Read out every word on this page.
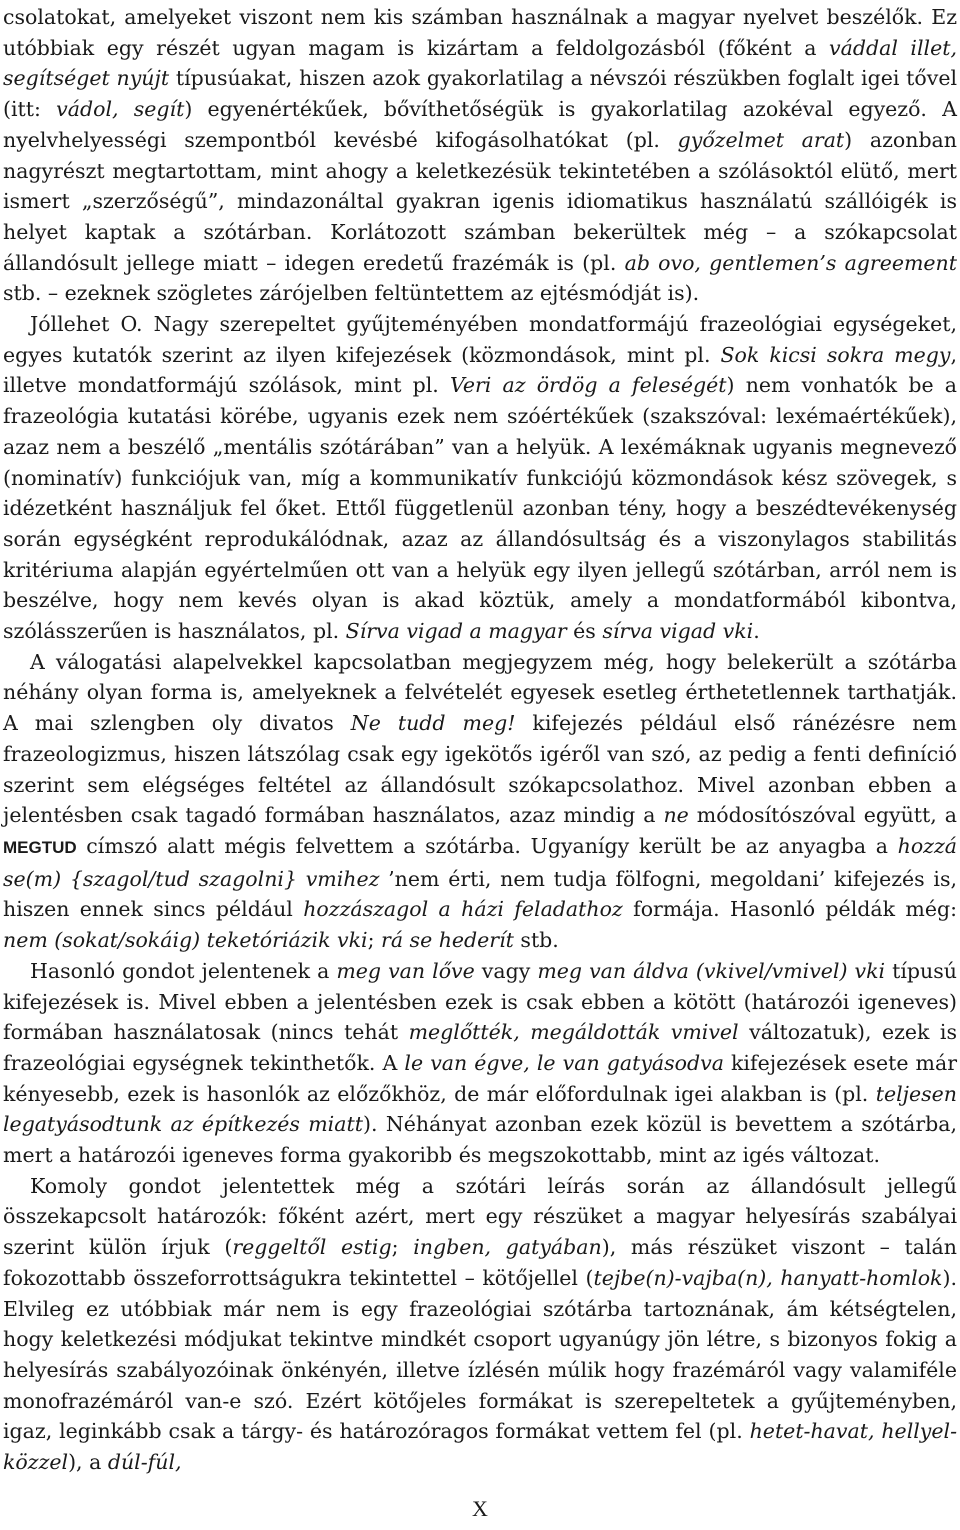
csolatokat, amelyeket viszont nem kis számban használnak a magyar nyelvet beszélők. Ez utóbbiak egy részét ugyan magam is kizártam a feldolgozásból (főként a váddal illet, segítséget nyújt típusúakat, hiszen azok gyakorlatilag a névszói részükben foglalt igei tővel (itt: vádol, segít) egyenértékűek, bővíthetőségük is gyakorlatilag azokéval egyező. A nyelvhelyességi szempontból kevésbé kifogásolhatókat (pl. győzelmet arat) azonban nagyrészt megtartottam, mint ahogy a keletkezésük tekintetében a szólásoktól elütő, mert ismert „szerzőségű”, mindazonáltal gyakran igenis idiomatikus használatú szállóigék is helyet kaptak a szótárban. Korlátozott számban bekerültek még – a szókapcsolat állandósult jellege miatt – idegen eredetű frazémák is (pl. ab ovo, gentlemen’s agreement stb. – ezeknek szögletes zárójelben feltüntettem az ejtésmódját is).

Jóllehet O. Nagy szerepeltet gyűjteményében mondatformájú frazeológiai egységeket, egyes kutatók szerint az ilyen kifejezések (közmondások, mint pl. Sok kicsi sokra megy, illetve mondatformájú szólások, mint pl. Veri az ördög a feleségét) nem vonhatók be a frazeológia kutatási körébe, ugyanis ezek nem szóértékűek (szakszóval: lexémaértékűek), azaz nem a beszélő „mentális szótárában” van a helyük. A lexémáknak ugyanis megnevező (nominatív) funkciójuk van, míg a kommunikatív funkciójú közmondások kész szövegek, s idézetként használjuk fel őket. Ettől függetlenül azonban tény, hogy a beszédtevékenység során egységként reprodukálódnak, azaz az állandósultság és a viszonylagos stabilitás kritériuma alapján egyértelműen ott van a helyük egy ilyen jellegű szótárban, arról nem is beszélve, hogy nem kevés olyan is akad köztük, amely a mondatformából kibontva, szólásszerűen is használatos, pl. Sírva vigad a magyar és sírva vigad vki.

A válogatási alapelvekkel kapcsolatban megjegyzem még, hogy belekerült a szótárba néhány olyan forma is, amelyeknek a felvételét egyesek esetleg érthetetlennek tarthatják. A mai szlengben oly divatos Ne tudd meg! kifejezés például első ránézésre nem frazeologizmus, hiszen látszólag csak egy igekötős igéről van szó, az pedig a fenti definíció szerint sem elégséges feltétel az állandósult szókapcsolathoz. Mivel azonban ebben a jelentésben csak tagadó formában használatos, azaz mindig a ne módosítószóval együtt, a MEGTUD címszó alatt mégis felvettem a szótárba. Ugyanígy került be az anyagba a hozzá se(m) {szagol/tud szagolni} vmihez ’nem érti, nem tudja fölfogni, megoldani’ kifejezés is, hiszen ennek sincs például hozzászagol a házi feladathoz formája. Hasonló példák még: nem (sokat/sokáig) teketóriázik vki; rá se hederít stb.

Hasonló gondot jelentenek a meg van lőve vagy meg van áldva (vkivel/vmivel) vki típusú kifejezések is. Mivel ebben a jelentésben ezek is csak ebben a kötött (határozói igeneves) formában használatosak (nincs tehát meglőtték, megáldották vmivel változatuk), ezek is frazeológiai egységnek tekinthetők. A le van égve, le van gatyásodva kifejezések esete már kényesebb, ezek is hasonlók az előzőkhöz, de már előfordulnak igei alakban is (pl. teljesen legatyásodtunk az építkezés miatt). Néhányat azonban ezek közül is bevettem a szótárba, mert a határozói igeneves forma gyakoribb és megszokottabb, mint az igés változat.

Komoly gondot jelentettek még a szótári leírás során az állandósult jellegű összekapcsolt határozók: főként azért, mert egy részüket a magyar helyesírás szabályai szerint külön írjuk (reggeltől estig; ingben, gatyában), más részüket viszont – talán fokozottabb összeforrottságukra tekintettel – kötőjellel (tejbe(n)-vajba(n), hanyatt-homlok). Elvileg ez utóbbiak már nem is egy frazeológiai szótárba tartoznának, ám kétségtelen, hogy keletkezési módjukat tekintve mindkét csoport ugyanúgy jön létre, s bizonyos fokig a helyesírás szabályozóinak önkényén, illetve ízlésén múlik hogy frazémáról vagy valamiféle monofrazémáról van-e szó. Ezért kötőjeles formákat is szerepeltetek a gyűjteményben, igaz, leginkább csak a tárgy- és határozóragos formákat vettem fel (pl. hetet-havat, hellyel-közzel), a dúl-fúl,

X
